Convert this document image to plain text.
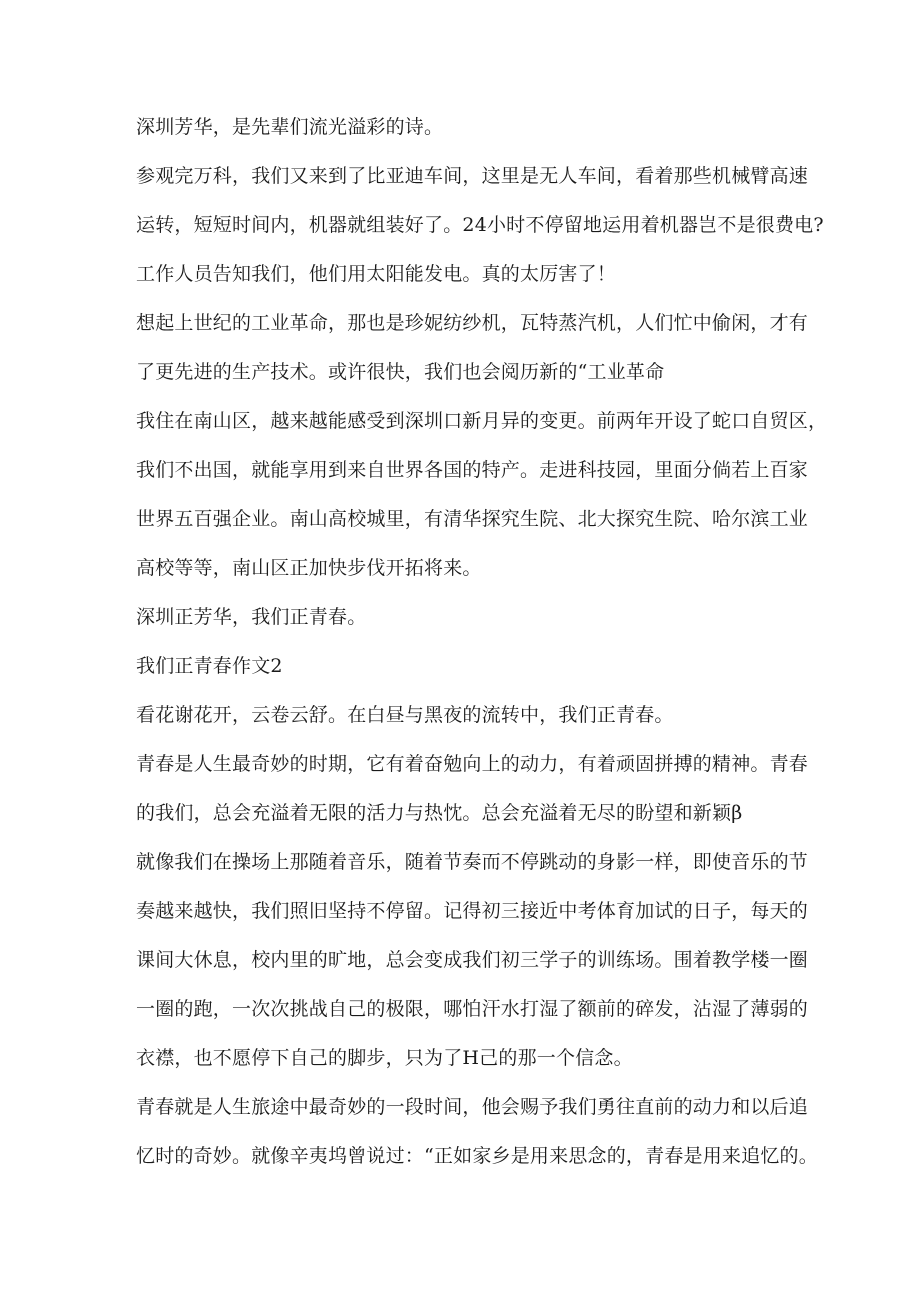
深圳芳华，是先辈们流光溢彩的诗。

参观完万科，我们又来到了比亚迪车间，这里是无人车间，看着那些机械臂高速

运转，短短时间内，机器就组装好了。24小时不停留地运用着机器岂不是很费电?

工作人员告知我们，他们用太阳能发电。真的太厉害了！

想起上世纪的工业革命，那也是珍妮纺纱机，瓦特蒸汽机，人们忙中偷闲，才有

了更先进的生产技术。或许很快，我们也会阅历新的“工业革命

我住在南山区，越来越能感受到深圳口新月异的变更。前两年开设了蛇口自贸区，

我们不出国，就能享用到来自世界各国的特产。走进科技园，里面分倘若上百家

世界五百强企业。南山高校城里，有清华探究生院、北大探究生院、哈尔滨工业

高校等等，南山区正加快步伐开拓将来。

深圳正芳华，我们正青春。

我们正青春作文2

看花谢花开，云卷云舒。在白昼与黑夜的流转中，我们正青春。

青春是人生最奇妙的时期，它有着奋勉向上的动力，有着顽固拼搏的精神。青春

的我们，总会充溢着无限的活力与热忱。总会充溢着无尽的盼望和新颖β

就像我们在操场上那随着音乐，随着节奏而不停跳动的身影一样，即使音乐的节

奏越来越快，我们照旧坚持不停留。记得初三接近中考体育加试的日子，每天的

课间大休息，校内里的旷地，总会变成我们初三学子的训练场。围着教学楼一圈

一圈的跑，一次次挑战自己的极限，哪怕汗水打湿了额前的碎发，沾湿了薄弱的

衣襟，也不愿停下自己的脚步，只为了H己的那一个信念。

青春就是人生旅途中最奇妙的一段时间，他会赐予我们勇往直前的动力和以后追

忆时的奇妙。就像辛夷坞曾说过：“正如家乡是用来思念的，青春是用来追忆的。
